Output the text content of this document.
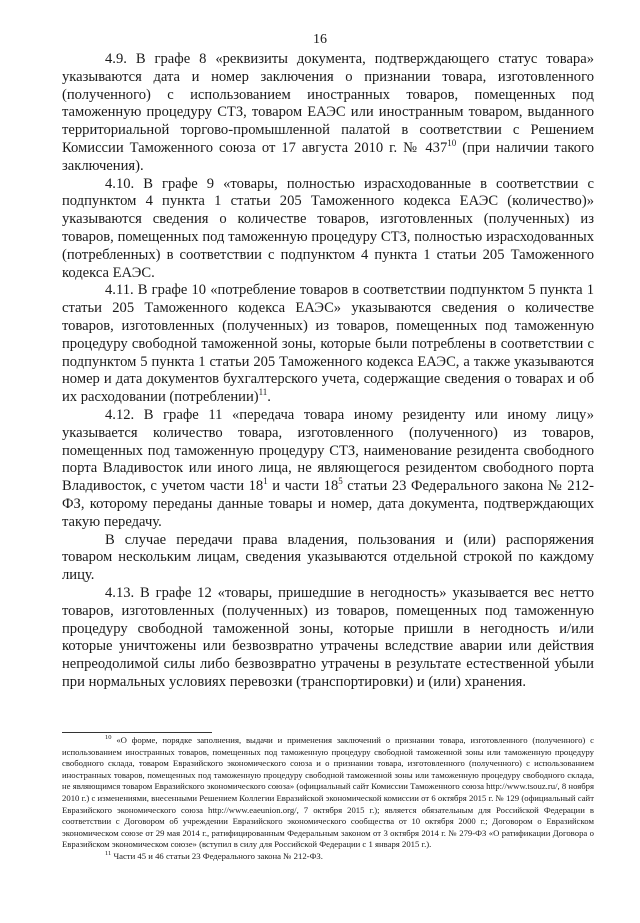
16

4.9. В графе 8 «реквизиты документа, подтверждающего статус товара» указываются дата и номер заключения о признании товара, изготовленного (полученного) с использованием иностранных товаров, помещенных под таможенную процедуру СТЗ, товаром ЕАЭС или иностранным товаром, выданного территориальной торгово-промышленной палатой в соответствии с Решением Комиссии Таможенного союза от 17 августа 2010 г. № $437^{10}$ (при наличии такого заключения).

4.10. В графе 9 «товары, полностью израсходованные в соответствии с подпунктом 4 пункта 1 статьи 205 Таможенного кодекса ЕАЭС (количество)» указываются сведения о количестве товаров, изготовленных (полученных) из товаров, помещенных под таможенную процедуру СТЗ, полностью израсходованных (потребленных) в соответствии с подпунктом 4 пункта 1 статьи 205 Таможенного кодекса ЕАЭС.

4.11. В графе 10 «потребление товаров в соответствии подпунктом 5 пункта 1 статьи 205 Таможенного кодекса ЕАЭС» указываются сведения о количестве товаров, изготовленных (полученных) из товаров, помещенных под таможенную процедуру свободной таможенной зоны, которые были потреблены в соответствии с подпунктом 5 пункта 1 статьи 205 Таможенного кодекса ЕАЭС, а также указываются номер и дата документов бухгалтерского учета, содержащие сведения о товарах и об их расходовании (потреблении)$^{11}$.

4.12. В графе 11 «передача товара иному резиденту или иному лицу» указывается количество товара, изготовленного (полученного) из товаров, помещенных под таможенную процедуру СТЗ, наименование резидента свободного порта Владивосток или иного лица, не являющегося резидентом свободного порта Владивосток, с учетом части $18^1$ и части $18^5$ статьи 23 Федерального закона № 212-ФЗ, которому переданы данные товары и номер, дата документа, подтверждающих такую передачу.

В случае передачи права владения, пользования и (или) распоряжения товаром нескольким лицам, сведения указываются отдельной строкой по каждому лицу.

4.13. В графе 12 «товары, пришедшие в негодность» указывается вес нетто товаров, изготовленных (полученных) из товаров, помещенных под таможенную процедуру свободной таможенной зоны, которые пришли в негодность и/или которые уничтожены или безвозвратно утрачены вследствие аварии или действия непреодолимой силы либо безвозвратно утрачены в результате естественной убыли при нормальных условиях перевозки (транспортировки) и (или) хранения.

$^{10}$ «О форме, порядке заполнения, выдачи и применения заключений о признании товара, изготовленного (полученного) с использованием иностранных товаров, помещенных под таможенную процедуру свободной таможенной зоны или таможенную процедуру свободного склада, товаром Евразийского экономического союза и о признании товара, изготовленного (полученного) с использованием иностранных товаров, помещенных под таможенную процедуру свободной таможенной зоны или таможенную процедуру свободного склада, не являющимся товаром Евразийского экономического союза» (официальный сайт Комиссии Таможенного союза http://www.tsouz.ru/, 8 ноября 2010 г.) с изменениями, внесенными Решением Коллегии Евразийской экономической комиссии от 6 октября 2015 г. № 129 (официальный сайт Евразийского экономического союза http://www.eaeunion.org/, 7 октября 2015 г.); является обязательным для Российской Федерации в соответствии с Договором об учреждении Евразийского экономического сообщества от 10 октября 2000 г.; Договором о Евразийском экономическом союзе от 29 мая 2014 г., ратифицированным Федеральным законом от 3 октября 2014 г. № 279-ФЗ «О ратификации Договора о Евразийском экономическом союзе» (вступил в силу для Российской Федерации с 1 января 2015 г.).

$^{11}$ Части 45 и 46 статьи 23 Федерального закона № 212-ФЗ.
